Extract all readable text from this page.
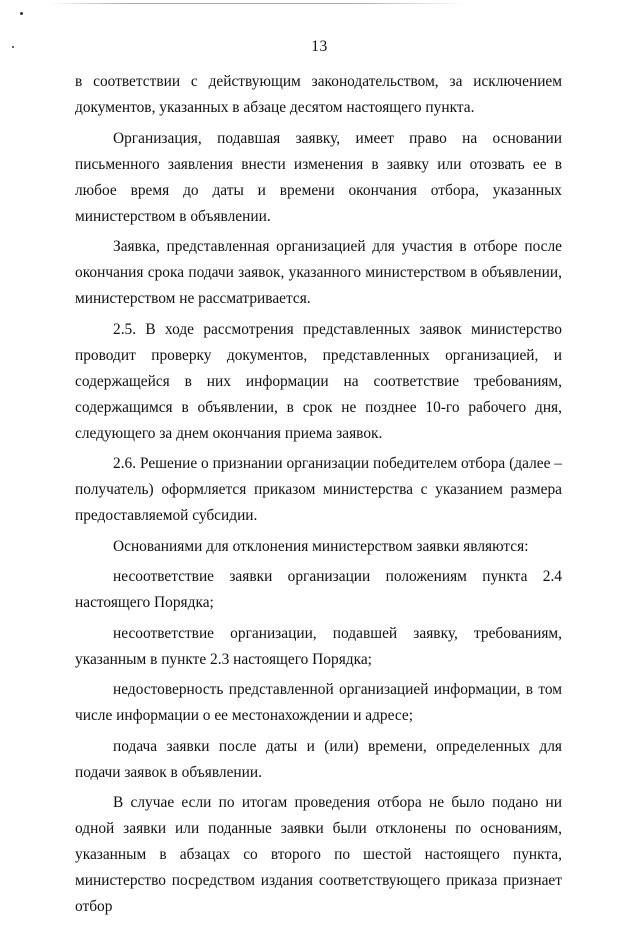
13

в соответствии с действующим законодательством, за исключением документов, указанных в абзаце десятом настоящего пункта.

Организация, подавшая заявку, имеет право на основании письменного заявления внести изменения в заявку или отозвать ее в любое время до даты и времени окончания отбора, указанных министерством в объявлении.

Заявка, представленная организацией для участия в отборе после окончания срока подачи заявок, указанного министерством в объявлении, министерством не рассматривается.

2.5. В ходе рассмотрения представленных заявок министерство проводит проверку документов, представленных организацией, и содержащейся в них информации на соответствие требованиям, содержащимся в объявлении, в срок не позднее 10-го рабочего дня, следующего за днем окончания приема заявок.

2.6. Решение о признании организации победителем отбора (далее – получатель) оформляется приказом министерства с указанием размера предоставляемой субсидии.

Основаниями для отклонения министерством заявки являются:

несоответствие заявки организации положениям пункта 2.4 настоящего Порядка;

несоответствие организации, подавшей заявку, требованиям, указанным в пункте 2.3 настоящего Порядка;

недостоверность представленной организацией информации, в том числе информации о ее местонахождении и адресе;

подача заявки после даты и (или) времени, определенных для подачи заявок в объявлении.

В случае если по итогам проведения отбора не было подано ни одной заявки или поданные заявки были отклонены по основаниям, указанным в абзацах со второго по шестой настоящего пункта, министерство посредством издания соответствующего приказа признает отбор
